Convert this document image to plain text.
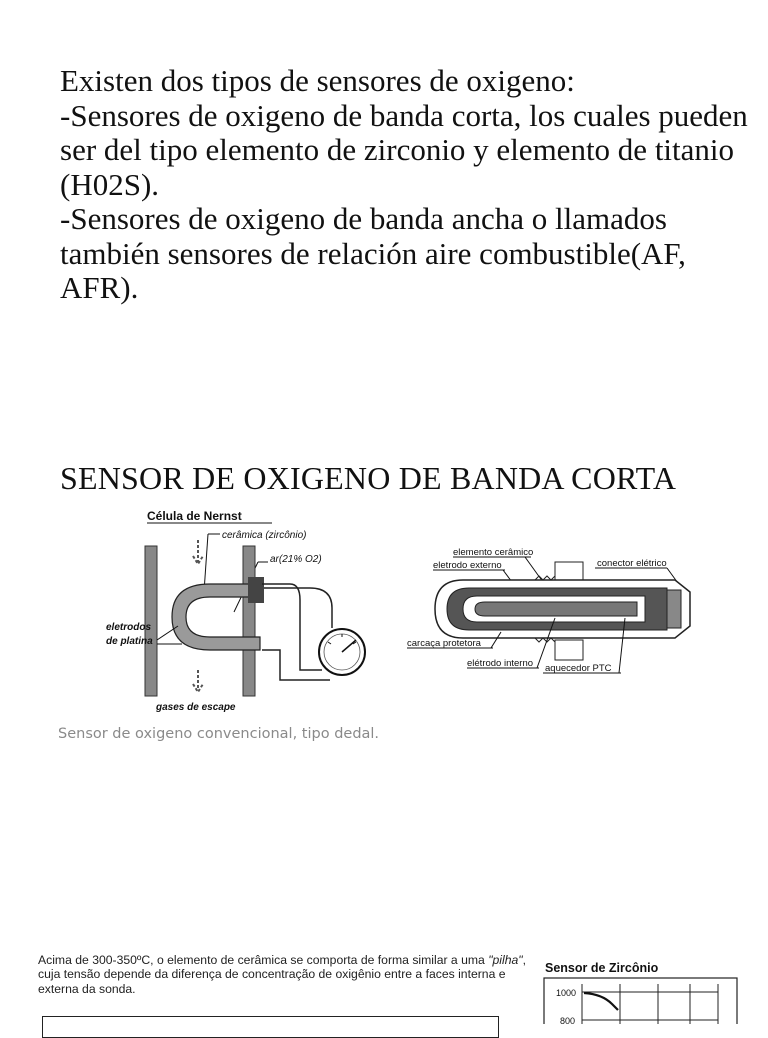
Existen dos tipos de sensores de oxigeno:

-Sensores de oxigeno de banda corta, los cuales pueden ser del tipo elemento de zirconio y elemento de titanio (H02S).

-Sensores de oxigeno de banda ancha o llamados también sensores de relación aire combustible(AF, AFR).

SENSOR DE OXIGENO DE BANDA CORTA
Célula de Nernst
cerâmica (zircônio)
ar(21% O2)
eletrodos
de platina
gases de escape
elemento cerâmico
eletrodo externo	conector elétrico
carcaça protetora
elétrodo interno aquecedor PTC
Sensor de oxigeno convencional, tipo dedal.

Acima de 300-350ºC, o elemento de cerâmica se comporta de forma similar a uma "pilha", cuja tensão depende da diferença de concentração de oxigênio entre a faces interna e externa da sonda.

Sensor de Zircônio
1000
800
